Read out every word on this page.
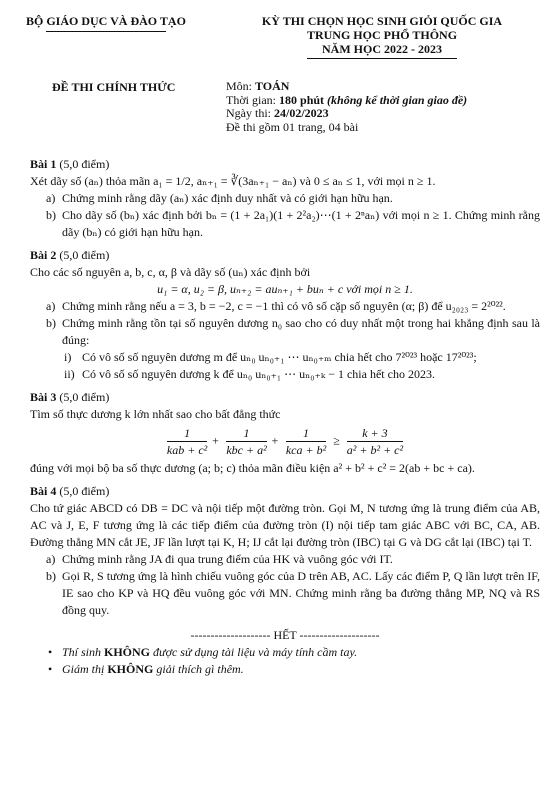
BỘ GIÁO DỤC VÀ ĐÀO TẠO	KỲ THI CHỌN HỌC SINH GIỎI QUỐC GIA
TRUNG HỌC PHỔ THÔNG
NĂM HỌC 2022 - 2023
ĐỀ THI CHÍNH THỨC	Môn: TOÁN
Thời gian: 180 phút (không kể thời gian giao đề)
Ngày thi: 24/02/2023
Đề thi gồm 01 trang, 04 bài
Bài 1 (5,0 điểm)
Xét dãy số (aₙ) thỏa mãn a₁ = 1/2, aₙ₊₁ = ∛(3aₙ₊₁ − aₙ) và 0 ≤ aₙ ≤ 1, với mọi n ≥ 1.
a) Chứng minh rằng dãy (aₙ) xác định duy nhất và có giới hạn hữu hạn.
b) Cho dãy số (bₙ) xác định bởi bₙ = (1 + 2a₁)(1 + 2²a₂)⋯(1 + 2ⁿaₙ) với mọi n ≥ 1. Chứng minh rằng dãy (bₙ) có giới hạn hữu hạn.
Bài 2 (5,0 điểm)
Cho các số nguyên a, b, c, α, β và dãy số (uₙ) xác định bởi
u₁ = α, u₂ = β, uₙ₊₂ = auₙ₊₁ + buₙ + c với mọi n ≥ 1.
a) Chứng minh rằng nếu a = 3, b = −2, c = −1 thì có vô số cặp số nguyên (α; β) để u₂₀₂₃ = 2²⁰²².
b) Chứng minh rằng tồn tại số nguyên dương n₀ sao cho có duy nhất một trong hai khẳng định sau là đúng:
i) Có vô số số nguyên dương m để uₙ₀ uₙ₀₊₁ ⋯ uₙ₀₊ₘ chia hết cho 7²⁰²³ hoặc 17²⁰²³;
ii) Có vô số số nguyên dương k để uₙ₀ uₙ₀₊₁ ⋯ uₙ₀₊ₖ − 1 chia hết cho 2023.
Bài 3 (5,0 điểm)
Tìm số thực dương k lớn nhất sao cho bất đẳng thức
$\frac{1}{\text{kab + c²}} + \frac{1}{\text{kbc + a²}} + \frac{1}{\text{kca + b²}} \ge \frac{k + 3}{\text{a² + b² + c²}}$
đúng với mọi bộ ba số thực dương (a; b; c) thỏa mãn điều kiện a² + b² + c² = 2(ab + bc + ca).
Bài 4 (5,0 điểm)
Cho tứ giác ABCD có DB = DC và nội tiếp một đường tròn. Gọi M, N tương ứng là trung điểm của AB, AC và J, E, F tương ứng là các tiếp điểm của đường tròn (I) nội tiếp tam giác ABC với BC, CA, AB. Đường thẳng MN cắt JE, JF lần lượt tại K, H; IJ cắt lại đường tròn (IBC) tại G và DG cắt lại (IBC) tại T.
a) Chứng minh rằng JA đi qua trung điểm của HK và vuông góc với IT.
b) Gọi R, S tương ứng là hình chiếu vuông góc của D trên AB, AC. Lấy các điểm P, Q lần lượt trên IF, IE sao cho KP và HQ đều vuông góc với MN. Chứng minh rằng ba đường thẳng MP, NQ và RS đồng quy.
-------------------- HẾT --------------------
• Thí sinh KHÔNG được sử dụng tài liệu và máy tính cầm tay.
• Giám thị KHÔNG giải thích gì thêm.
